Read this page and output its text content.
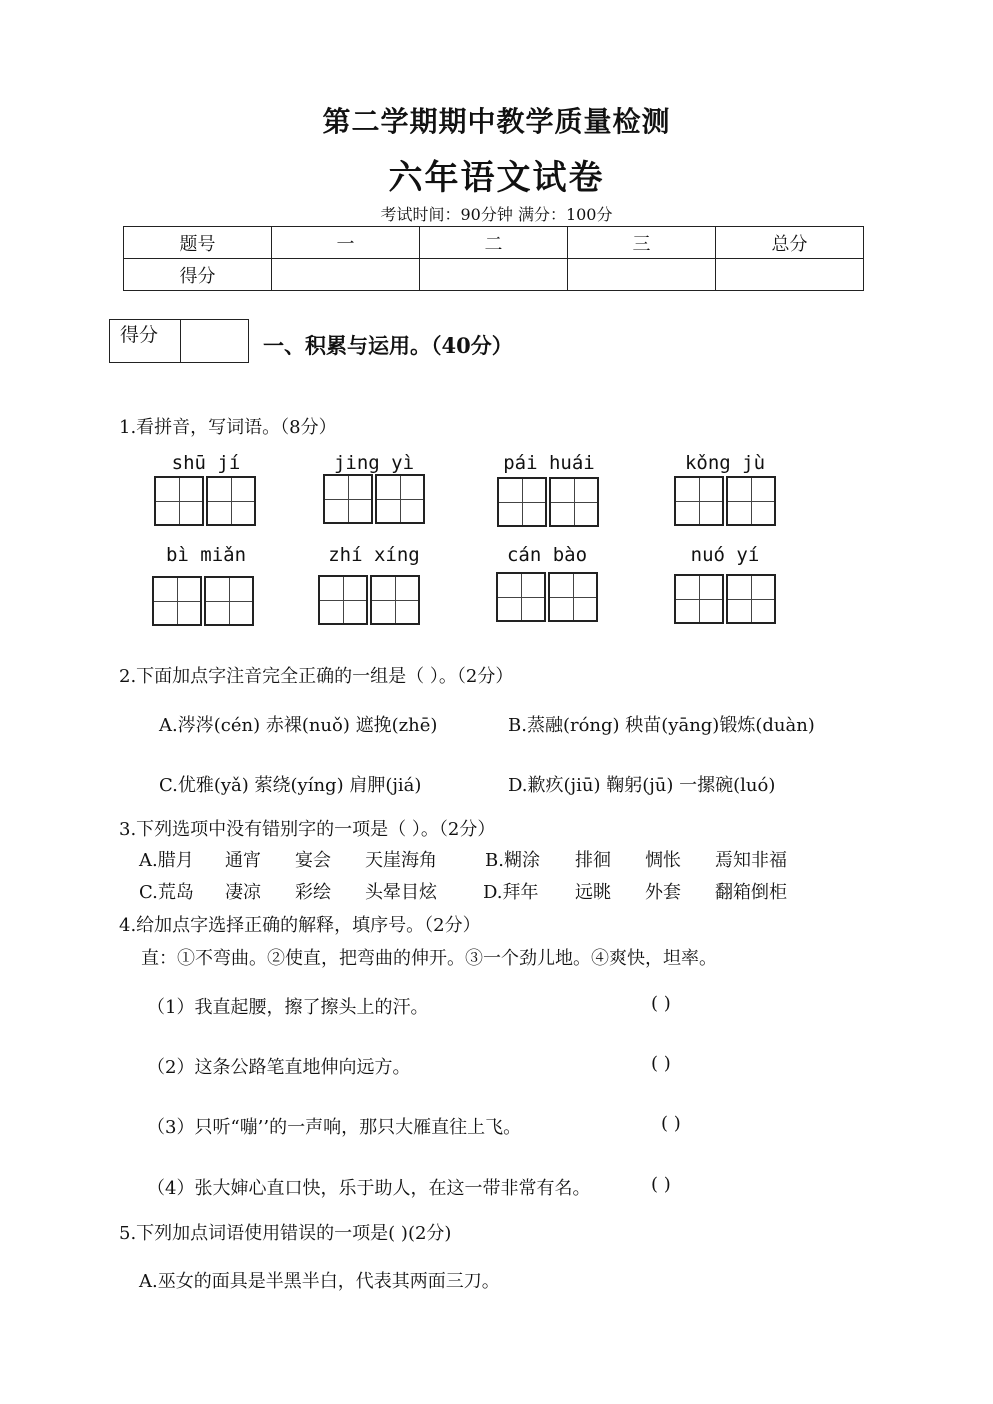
第二学期期中教学质量检测
六年语文试卷
考试时间：90分钟 满分：100分
题号	一	二	三	总分
得分				
得分	一、积累与运用。（40分）
1.看拼音，写词语。（8分）
shū jí	jing yì	pái huái	kǒng jù
bì miǎn	zhí xíng	cán bào	nuó yí
2.下面加点字注音完全正确的一组是（ ）。（2分）
A.涔涔(cén) 赤裸(nuǒ) 遮挽(zhē)	B.蒸融(róng) 秧苗(yāng)锻炼(duàn)
C.优雅(yǎ) 萦绕(yíng) 肩胛(jiá)	D.歉疚(jiū) 鞠躬(jū) 一摞碗(luó)
3.下列选项中没有错别字的一项是（ ）。（2分）
A.腊月 通宵 宴会 天崖海角	B.糊涂 排徊 惆怅 焉知非福
C.荒岛 凄凉 彩绘 头晕目炫	D.拜年 远眺 外套 翻箱倒柜
4.给加点字选择正确的解释，填序号。（2分）
直：①不弯曲。②使直，把弯曲的伸开。③一个劲儿地。④爽快，坦率。
（1）我直起腰，擦了擦头上的汗。	( )
（2）这条公路笔直地伸向远方。	( )
（3）只听“嘣’’的一声响，那只大雁直往上飞。	( )
（4）张大婶心直口快，乐于助人，在这一带非常有名。	( )
5.下列加点词语使用错误的一项是( )(2分)
A.巫女的面具是半黑半白，代表其两面三刀。
